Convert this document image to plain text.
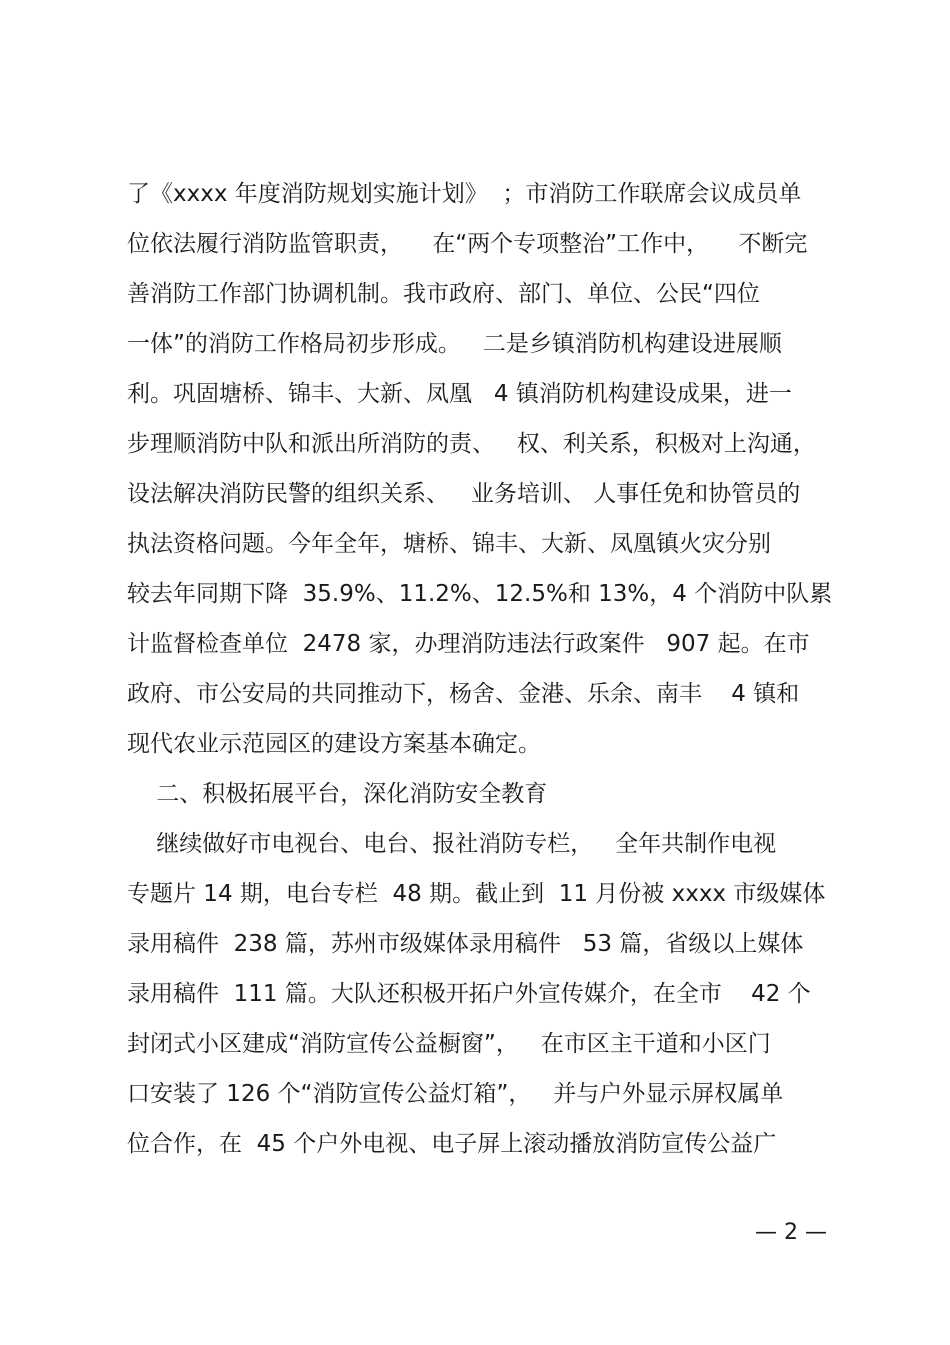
了《xxxx 年度消防规划实施计划》  ；市消防工作联席会议成员单
位依法履行消防监管职责，    在“两个专项整治”工作中，    不断完
善消防工作部门协调机制。我市政府、部门、单位、公民“四位
一体”的消防工作格局初步形成。   二是乡镇消防机构建设进展顺
利。巩固塘桥、锦丰、大新、凤凰   4 镇消防机构建设成果，进一
步理顺消防中队和派出所消防的责、   权、利关系，积极对上沟通，
设法解决消防民警的组织关系、   业务培训、 人事任免和协管员的
执法资格问题。今年全年，塘桥、锦丰、大新、凤凰镇火灾分别
较去年同期下降  35.9%、11.2%、12.5%和 13%，4 个消防中队累
计监督检查单位  2478 家，办理消防违法行政案件   907 起。在市
政府、市公安局的共同推动下，杨舍、金港、乐余、南丰    4 镇和
现代农业示范园区的建设方案基本确定。
二、积极拓展平台，深化消防安全教育
继续做好市电视台、电台、报社消防专栏，   全年共制作电视
专题片 14 期，电台专栏  48 期。截止到  11 月份被 xxxx 市级媒体
录用稿件  238 篇，苏州市级媒体录用稿件   53 篇，省级以上媒体
录用稿件  111 篇。大队还积极开拓户外宣传媒介，在全市    42 个
封闭式小区建成“消防宣传公益橱窗”，   在市区主干道和小区门
口安装了 126 个“消防宣传公益灯箱”，   并与户外显示屏权属单
位合作，在  45 个户外电视、电子屏上滚动播放消防宣传公益广
— 2 —
